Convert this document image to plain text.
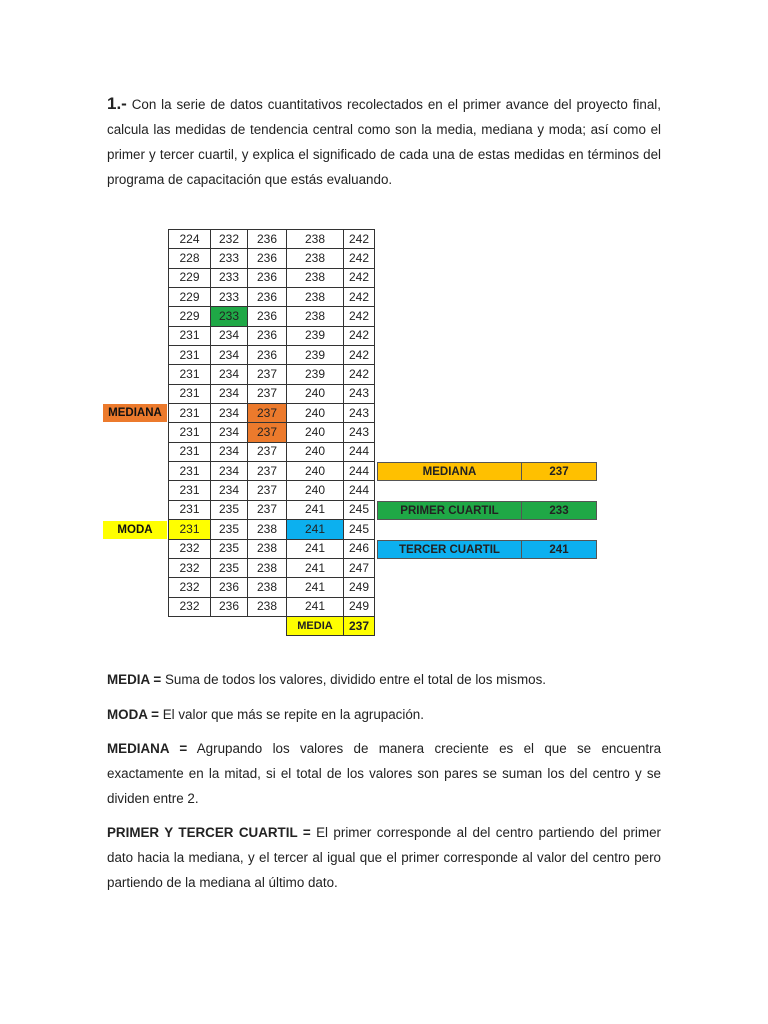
1.- Con la serie de datos cuantitativos recolectados en el primer avance del proyecto final, calcula las medidas de tendencia central como son la media, mediana y moda; así como el primer y tercer cuartil, y explica el significado de cada una de estas medidas en términos del programa de capacitación que estás evaluando.

224	232	236	238	242
228	233	236	238	242
229	233	236	238	242
229	233	236	238	242
229	233	236	238	242
231	234	236	239	242
231	234	236	239	242
231	234	237	239	242
231	234	237	240	243
231	234	237	240	243
231	234	237	240	243
231	234	237	240	244
231	234	237	240	244
231	234	237	240	244
231	235	237	241	245
231	235	238	241	245
232	235	238	241	246
232	235	238	241	247
232	236	238	241	249
232	236	238	241	249
			MEDIA	237
MEDIANA
MODA
MEDIANA	237
PRIMER CUARTIL	233
TERCER CUARTIL	241

MEDIA = Suma de todos los valores, dividido entre el total de los mismos.

MODA = El valor que más se repite en la agrupación.

MEDIANA = Agrupando los valores de manera creciente es el que se encuentra exactamente en la mitad, si el total de los valores son pares se suman los del centro y se dividen entre 2.

PRIMER Y TERCER CUARTIL = El primer corresponde al del centro partiendo del primer dato hacia la mediana, y el tercer al igual que el primer corresponde al valor del centro pero partiendo de la mediana al último dato.
